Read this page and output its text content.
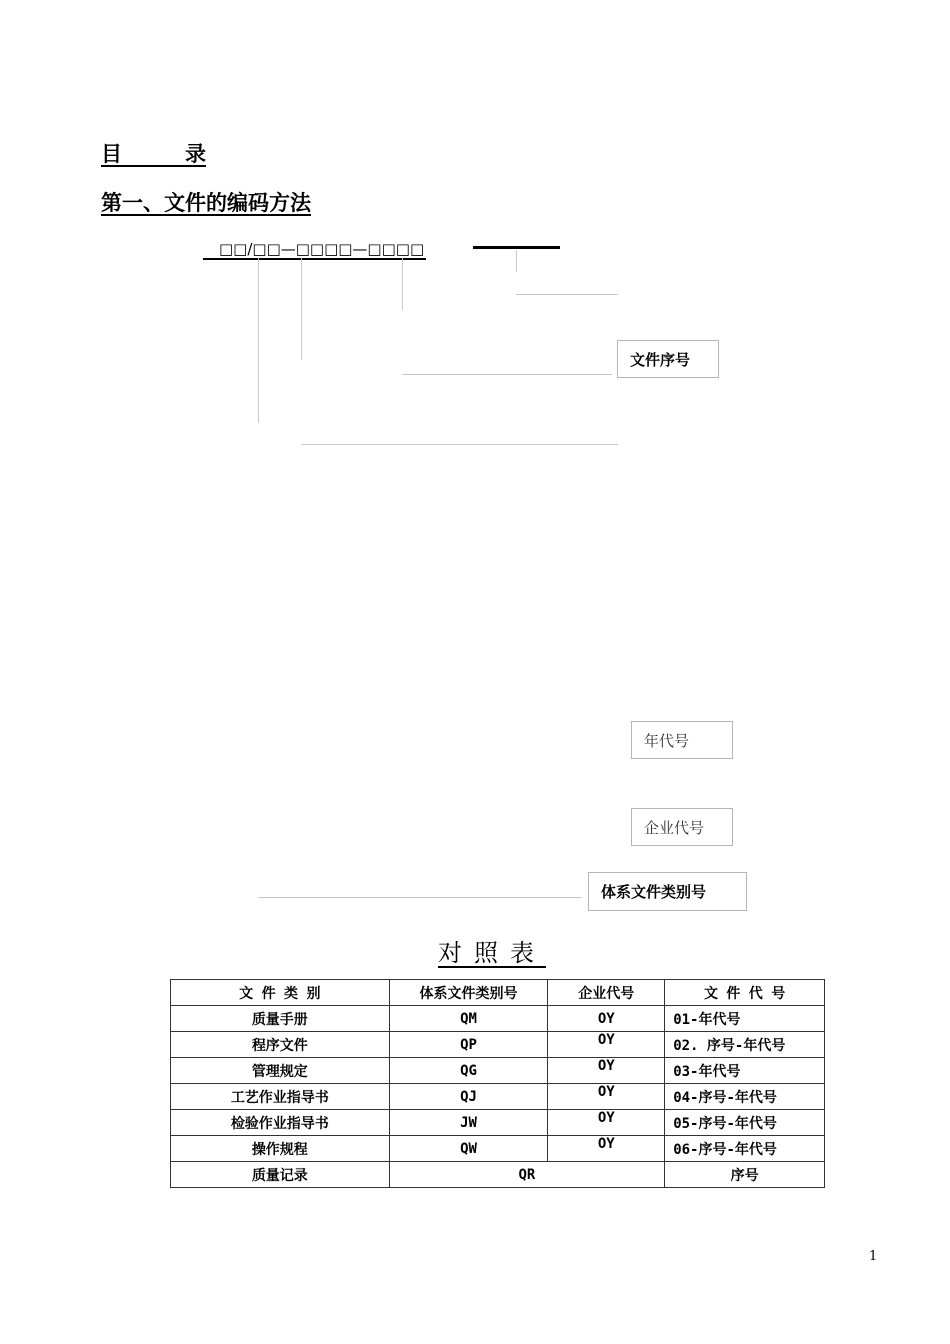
目　　　录
第一、文件的编码方法
□□/□□—□□□□—□□□□
文件序号
年代号
企业代号
体系文件类别号
对照表
文 件 类 别	体系文件类别号	企业代号	文 件 代 号
质量手册	QM	OY	01-年代号
程序文件	QP	OY	02. 序号-年代号
管理规定	QG	OY	03-年代号
工艺作业指导书	QJ	OY	04-序号-年代号
检验作业指导书	JW	OY	05-序号-年代号
操作规程	QW	OY	06-序号-年代号
质量记录	QR		序号
1
